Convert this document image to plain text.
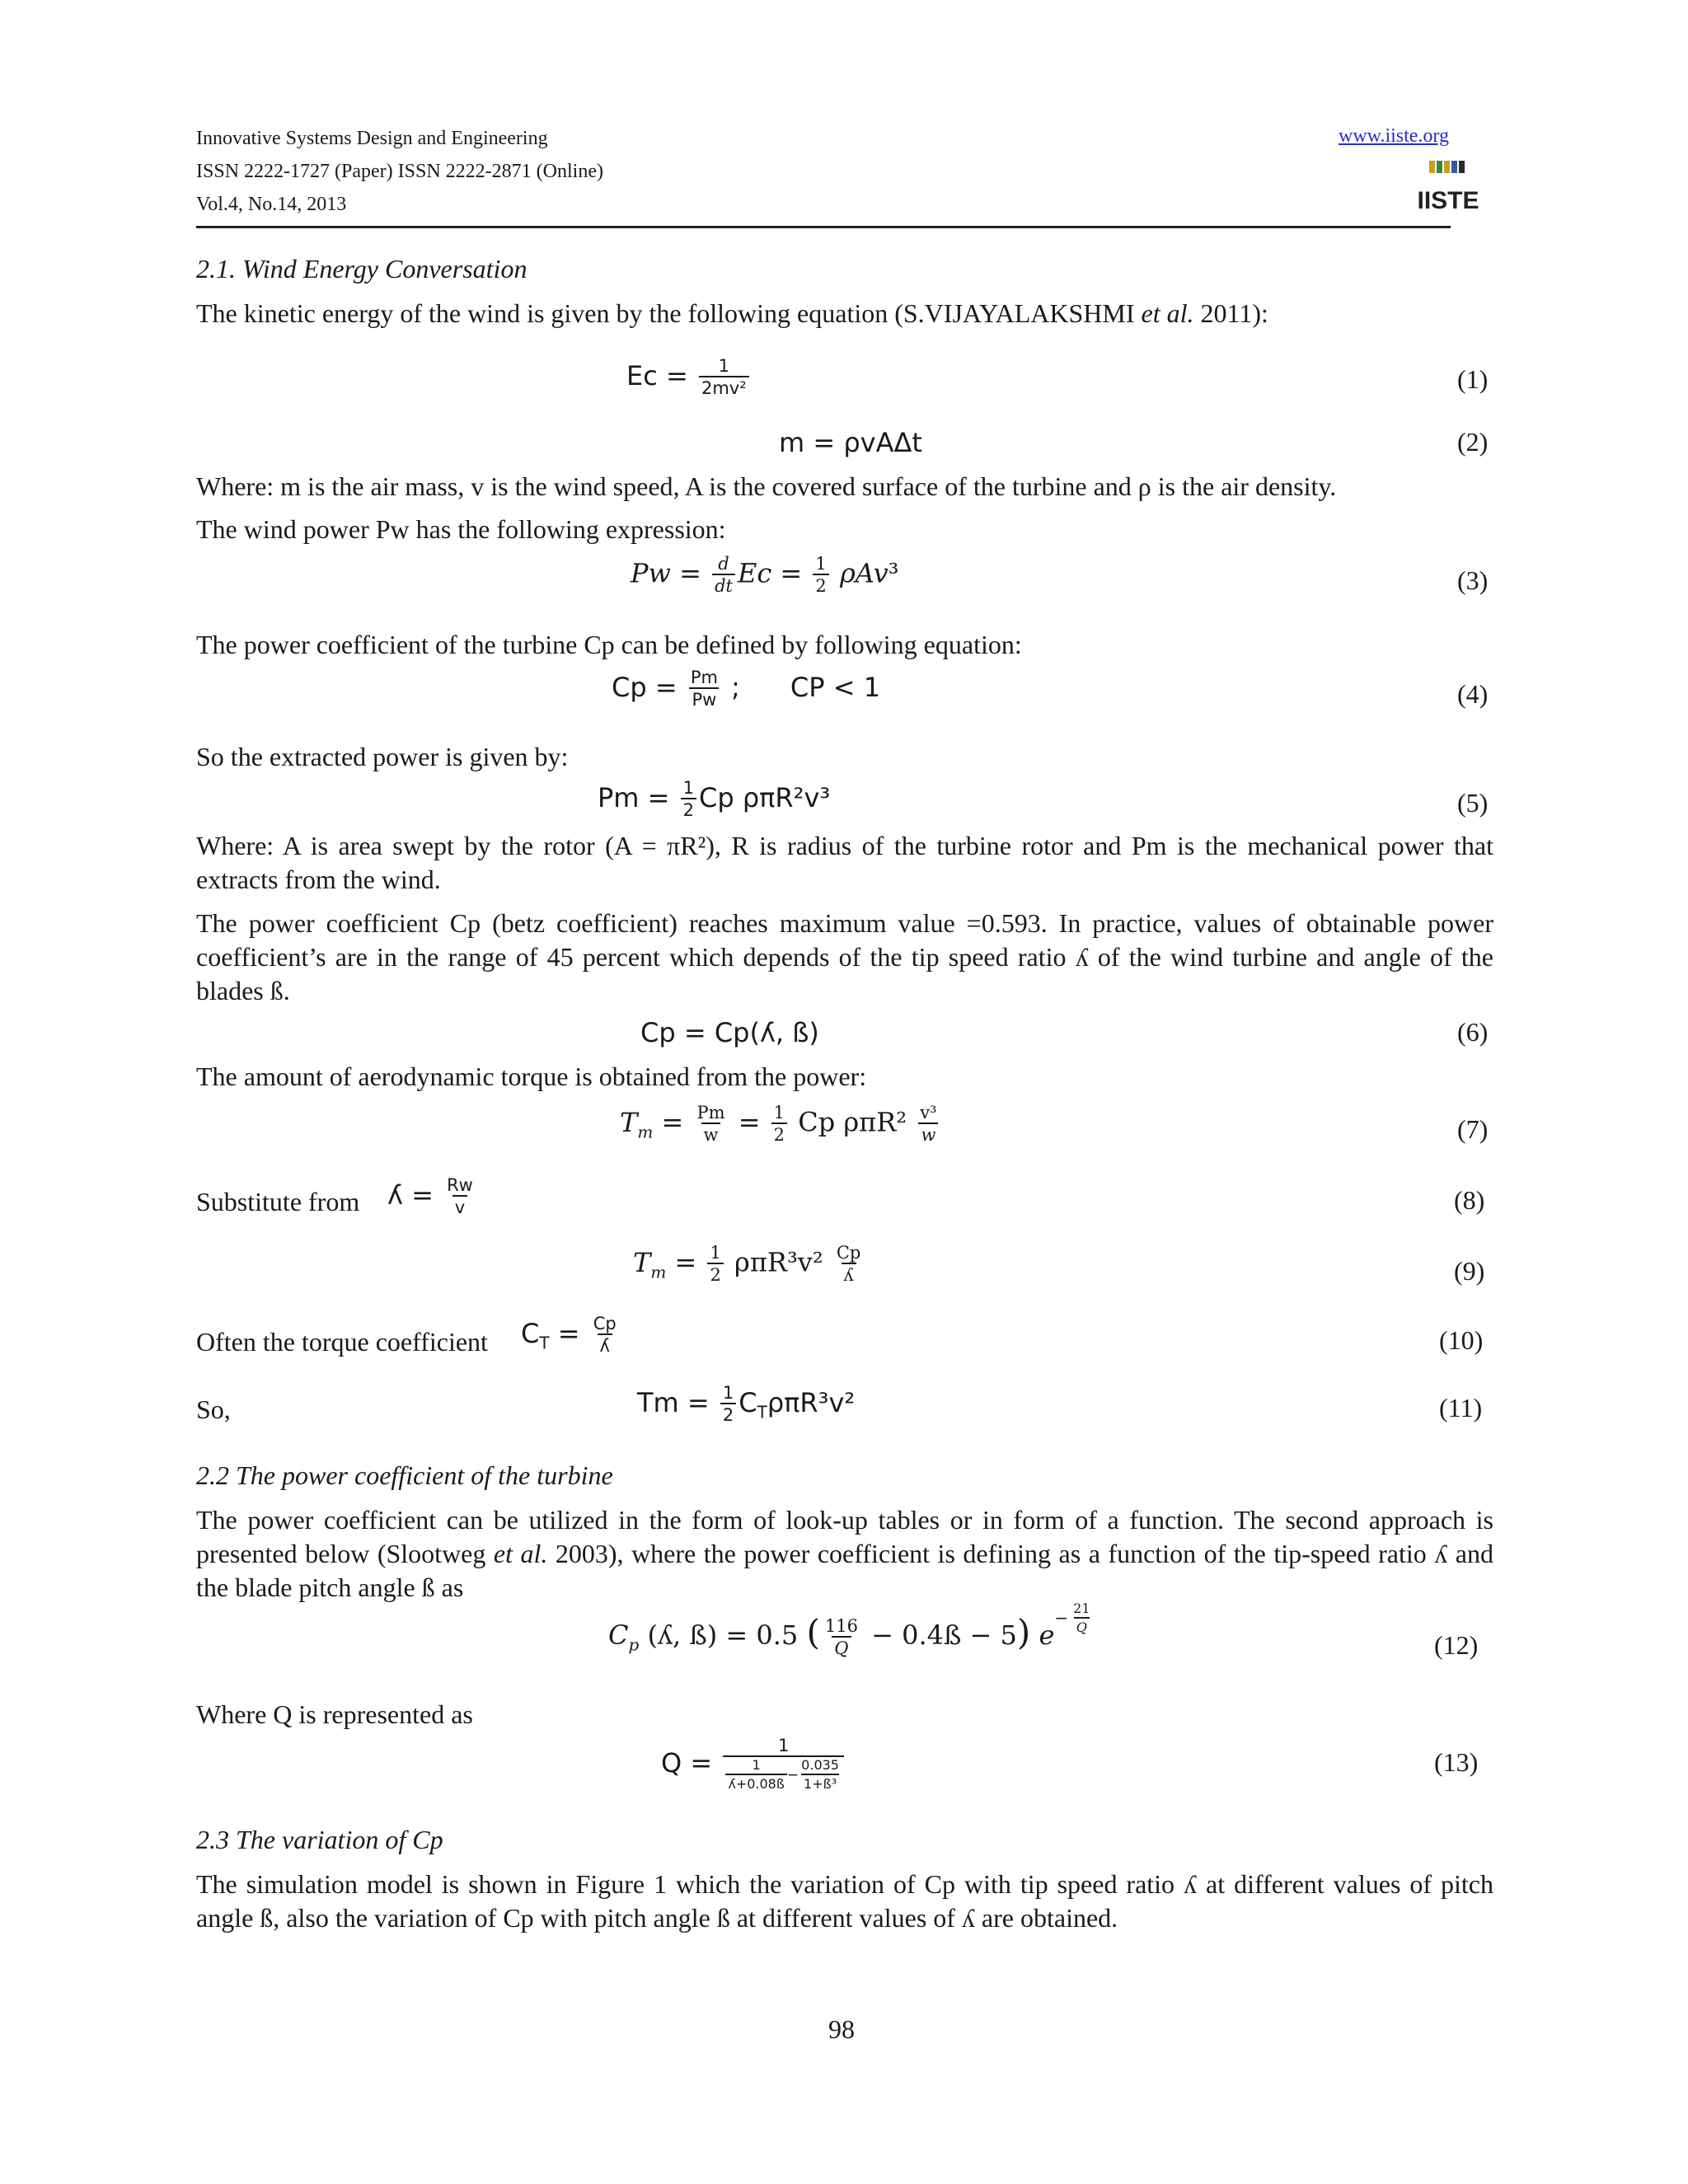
Innovative Systems Design and Engineering
ISSN 2222-1727 (Paper) ISSN 2222-2871 (Online)
Vol.4, No.14, 2013
www.iiste.org
IISTE
2.1. Wind Energy Conversation
The kinetic energy of the wind is given by the following equation (S.VIJAYALAKSHMI et al. 2011):
$Ec = \frac{1}{\text{2mv²}}$	(1)
m = ρvAΔt	(2)
Where: m is the air mass, v is the wind speed, A is the covered surface of the turbine and ρ is the air density.
The wind power Pw has the following expression:
$Pw = \frac{d}{dt}$ $Ec = \frac{1}{2} \rho Av^3$	(3)
The power coefficient of the turbine Cp can be defined by following equation:
$Cp = \frac{Pm}{Pw}$ ;      CP < 1	(4)
So the extracted power is given by:
$Pm = \frac{1}{2}$ Cp ρπR²v³	(5)
Where: A is area swept by the rotor (A = πR²), R is radius of the turbine rotor and Pm is the mechanical power that extracts from the wind.
The power coefficient Cp (betz coefficient) reaches maximum value =0.593. In practice, values of obtainable power coefficient’s are in the range of 45 percent which depends of the tip speed ratio ʎ of the wind turbine and angle of the blades ß.
Cp = Cp(ʎ, ß)	(6)
The amount of aerodynamic torque is obtained from the power:
$T_m = \frac{Pm}{w} = \frac{1}{2}$ Cp $\rho\pi R^2 \frac{\text{v³}}{w}$	(7)
Substitute from ʎ = $\frac{Rw}{v}$	(8)
$T_m = \frac{1}{2} \rho\pi R^3v^2 \frac{Cp}{\text{ʎ}}$	(9)
Often the torque coefficient $C_T = \frac{Cp}{\text{ʎ}}$	(10)
So,	$Tm = \frac{1}{2} C_T\rho\pi R^3v^2$	(11)
2.2 The power coefficient of the turbine
The power coefficient can be utilized in the form of look-up tables or in form of a function. The second approach is presented below (Slootweg et al. 2003), where the power coefficient is defining as a function of the tip-speed ratio ʎ and the blade pitch angle ß as
$C_p$ (ʎ, ß) = 0.5 ( $\frac{116}{Q}$ − 0.4ß − 5) $e^{- \frac{21}{Q}}$
(12)
Where Q is represented as
Q =
1
$\frac{1}{\text{ʎ+0.08ß}} - \frac{0.035}{\text{1+ß³}}$	(13)
2.3 The variation of Cp
The simulation model is shown in Figure 1 which the variation of Cp with tip speed ratio ʎ at different values of pitch angle ß, also the variation of Cp with pitch angle ß at different values of ʎ are obtained.
98
